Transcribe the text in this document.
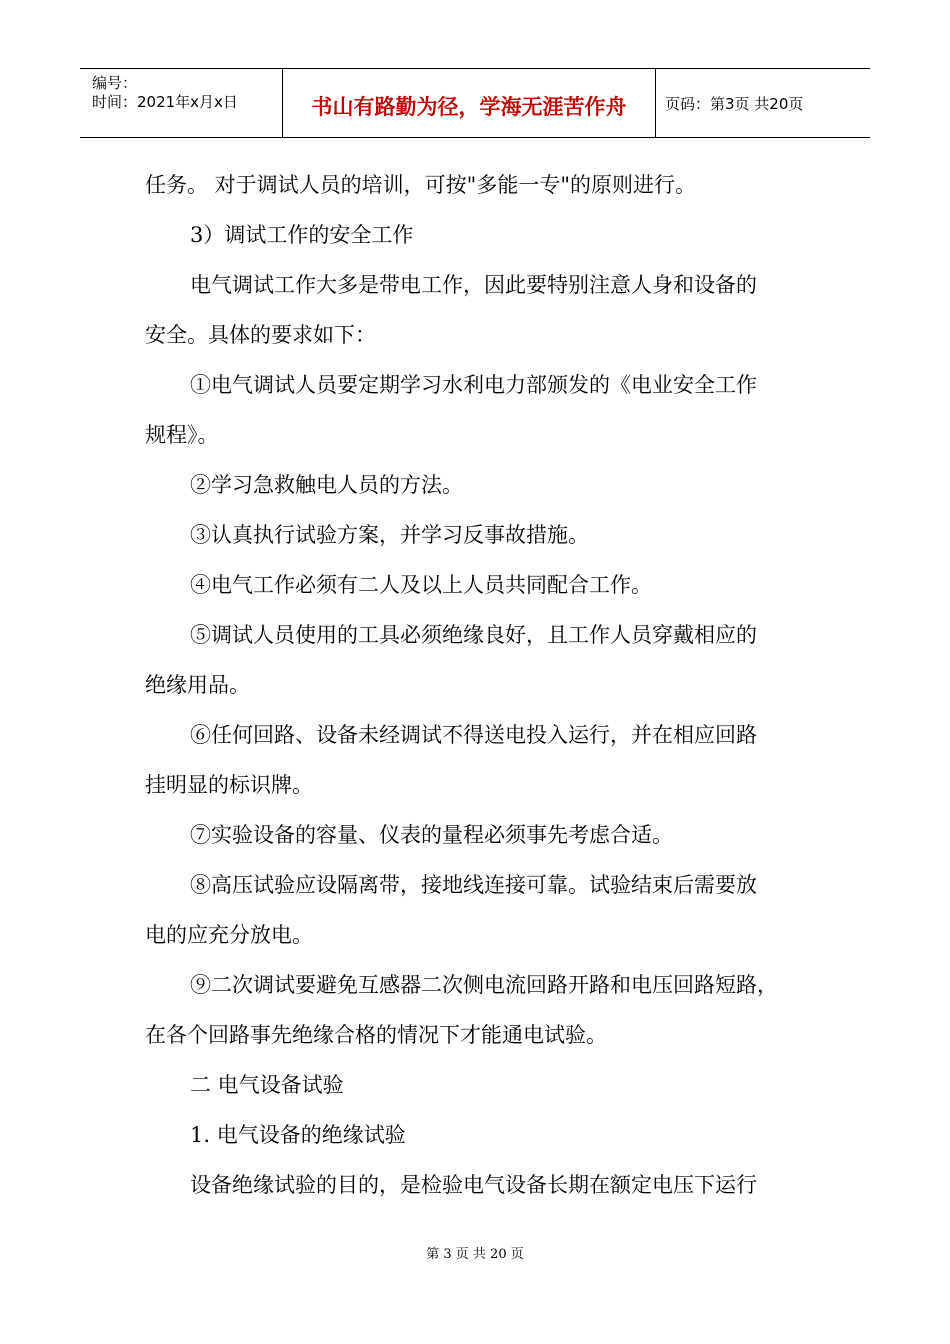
编号：
时间：2021年x月x日	书山有路勤为径，学海无涯苦作舟	页码：第3页 共20页
任务。 对于调试人员的培训，可按"多能一专"的原则进行。
3）调试工作的安全工作
电气调试工作大多是带电工作，因此要特别注意人身和设备的
安全。具体的要求如下：
①电气调试人员要定期学习水利电力部颁发的《电业安全工作
规程》。
②学习急救触电人员的方法。
③认真执行试验方案，并学习反事故措施。
④电气工作必须有二人及以上人员共同配合工作。
⑤调试人员使用的工具必须绝缘良好，且工作人员穿戴相应的
绝缘用品。
⑥任何回路、设备未经调试不得送电投入运行，并在相应回路
挂明显的标识牌。
⑦实验设备的容量、仪表的量程必须事先考虑合适。
⑧高压试验应设隔离带，接地线连接可靠。试验结束后需要放
电的应充分放电。
⑨二次调试要避免互感器二次侧电流回路开路和电压回路短路，
在各个回路事先绝缘合格的情况下才能通电试验。
二 电气设备试验
1. 电气设备的绝缘试验
设备绝缘试验的目的，是检验电气设备长期在额定电压下运行
第 3 页 共 20 页
